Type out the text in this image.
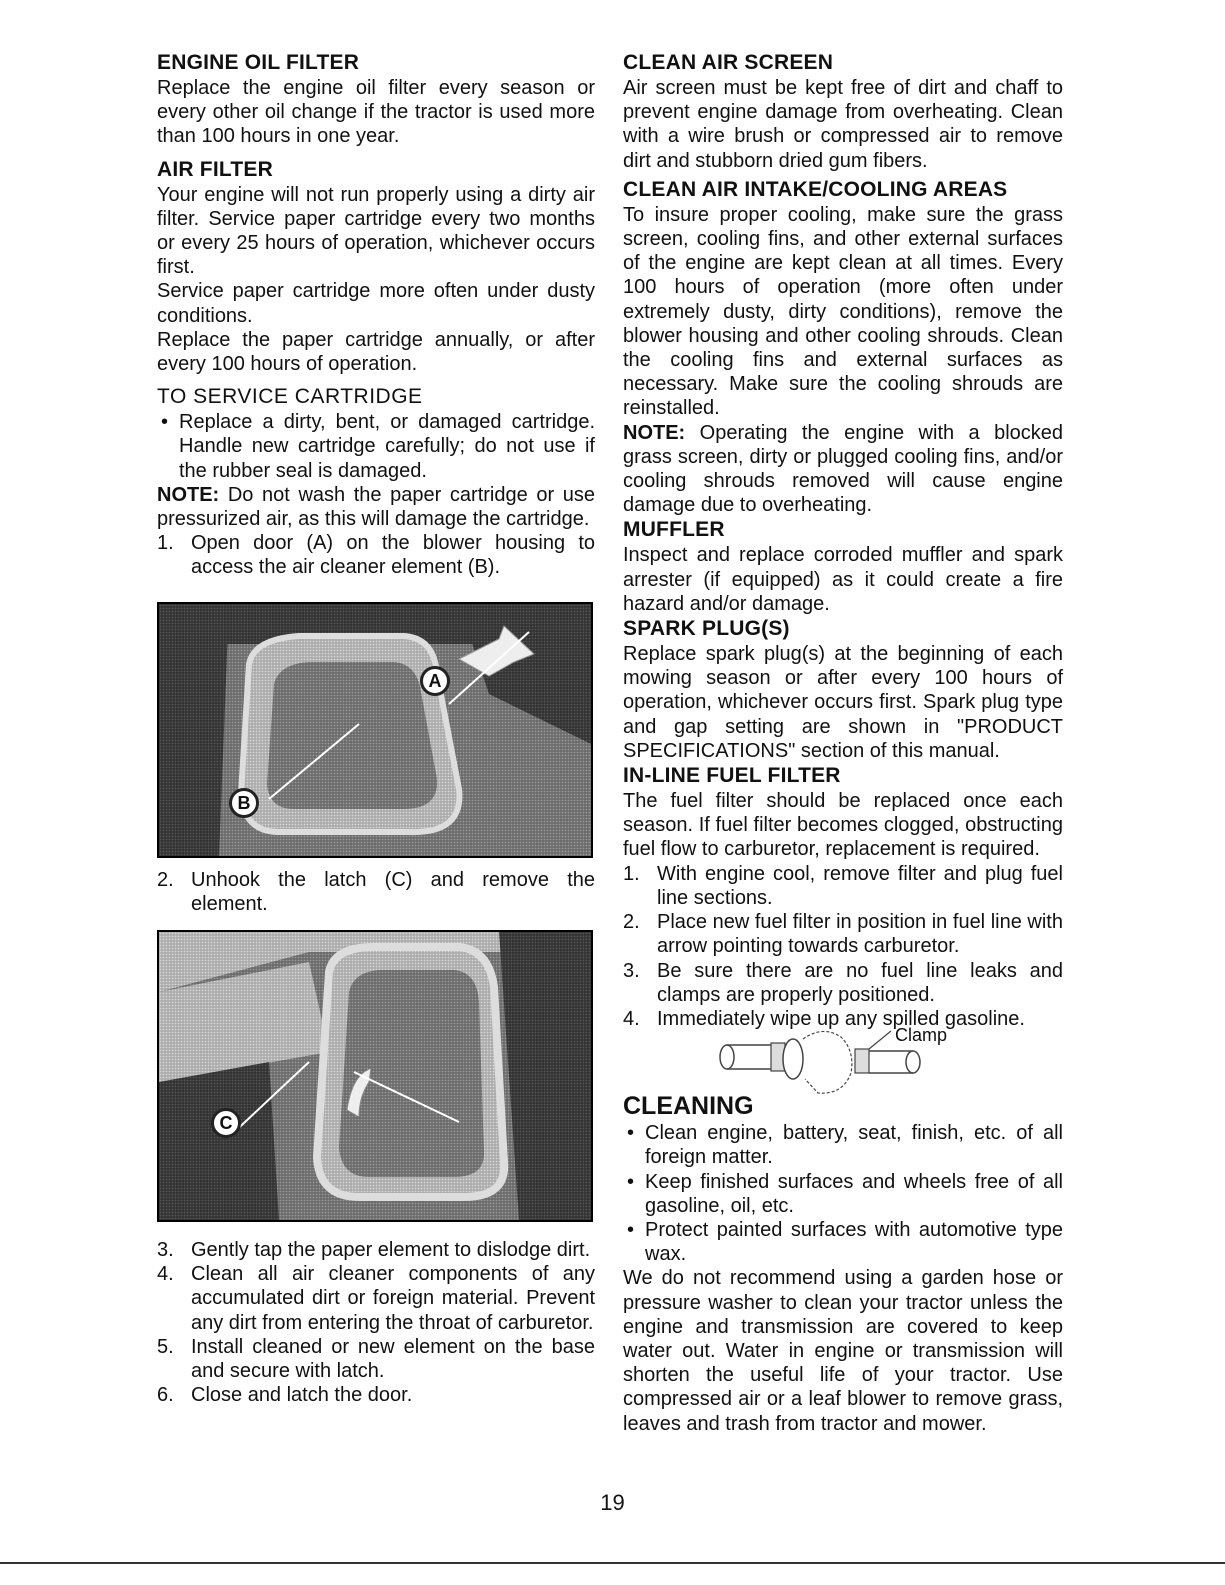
ENGINE OIL FILTER
Replace the engine oil filter every season or every other oil change if the tractor is used more than 100 hours in one year.
AIR FILTER
Your engine will not run properly using a dirty air filter. Service paper cartridge every two months or every 25 hours of operation, whichever occurs first.
Service paper cartridge more often under dusty conditions.
Replace the paper cartridge annually, or after every 100 hours of operation.
TO SERVICE CARTRIDGE
• Replace a dirty, bent, or damaged cartridge. Handle new cartridge carefully; do not use if the rubber seal is damaged.
NOTE: Do not wash the paper cartridge or use pressurized air, as this will damage the cartridge.
1. Open door (A) on the blower housing to access the air cleaner element (B).
A
B
2. Unhook the latch (C) and remove the element.
C
3. Gently tap the paper element to dislodge dirt.
4. Clean all air cleaner components of any accumulated dirt or foreign material. Prevent any dirt from entering the throat of carburetor.
5. Install cleaned or new element on the base and secure with latch.
6. Close and latch the door.
CLEAN AIR SCREEN
Air screen must be kept free of dirt and chaff to prevent engine damage from overheating. Clean with a wire brush or compressed air to remove dirt and stubborn dried gum fibers.
CLEAN AIR INTAKE/COOLING AREAS
To insure proper cooling, make sure the grass screen, cooling fins, and other external surfaces of the engine are kept clean at all times. Every 100 hours of operation (more often under extremely dusty, dirty conditions), remove the blower housing and other cooling shrouds. Clean the cooling fins and external surfaces as necessary. Make sure the cooling shrouds are reinstalled.
NOTE: Operating the engine with a blocked grass screen, dirty or plugged cooling fins, and/or cooling shrouds removed will cause engine damage due to overheating.
MUFFLER
Inspect and replace corroded muffler and spark arrester (if equipped) as it could create a fire hazard and/or damage.
SPARK PLUG(S)
Replace spark plug(s) at the beginning of each mowing season or after every 100 hours of operation, whichever occurs first. Spark plug type and gap setting are shown in "PRODUCT SPECIFICATIONS" section of this manual.
IN-LINE FUEL FILTER
The fuel filter should be replaced once each season. If fuel filter becomes clogged, obstructing fuel flow to carburetor, replacement is required.
1. With engine cool, remove filter and plug fuel line sections.
2. Place new fuel filter in position in fuel line with arrow pointing towards carburetor.
3. Be sure there are no fuel line leaks and clamps are properly positioned.
4. Immediately wipe up any spilled gasoline.
Clamp
CLEANING
• Clean engine, battery, seat, finish, etc. of all foreign matter.
• Keep finished surfaces and wheels free of all gasoline, oil, etc.
• Protect painted surfaces with automotive type wax.
We do not recommend using a garden hose or pressure washer to clean your tractor unless the engine and transmission are covered to keep water out. Water in engine or transmission will shorten the useful life of your tractor. Use compressed air or a leaf blower to remove grass, leaves and trash from tractor and mower.
19
